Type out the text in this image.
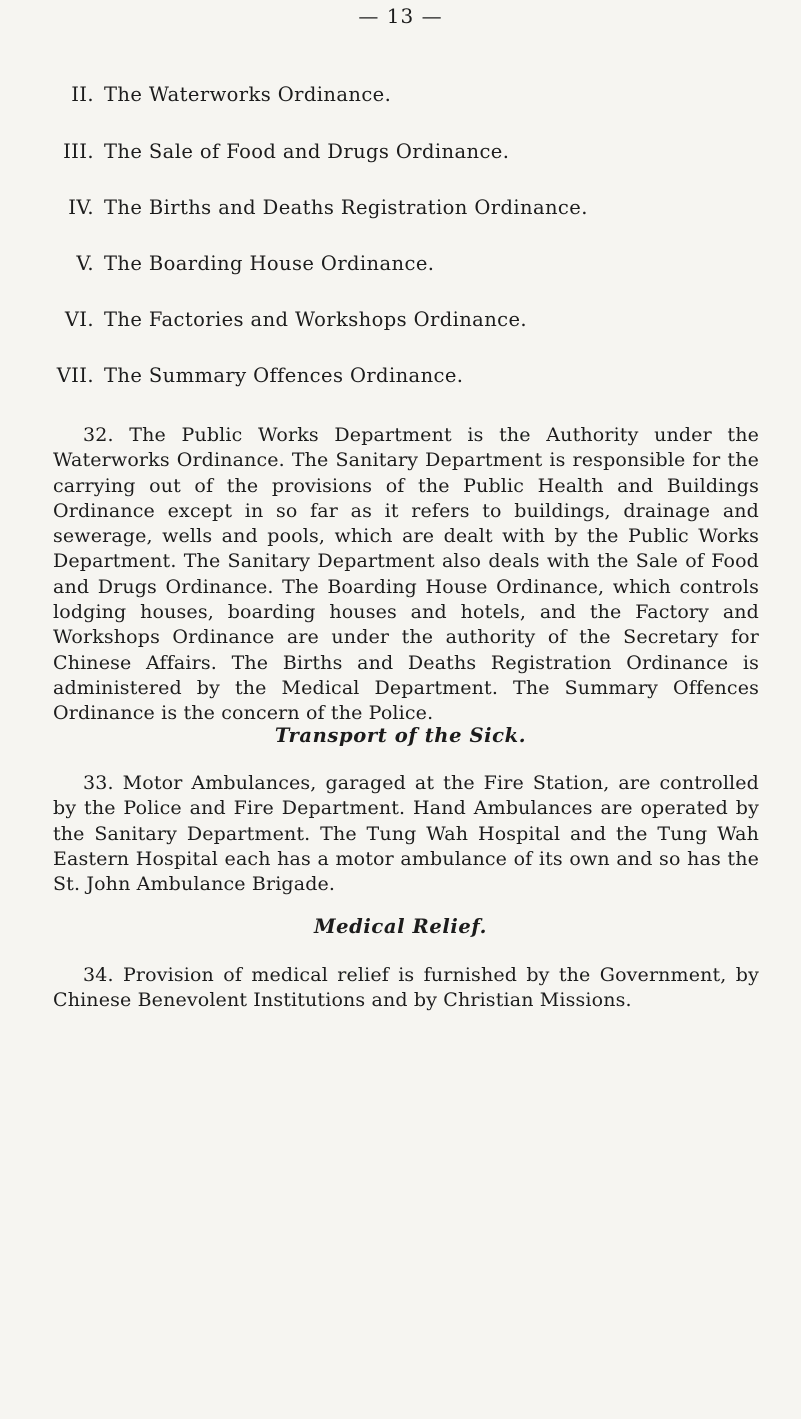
— 13 —
II. The Waterworks Ordinance.
III. The Sale of Food and Drugs Ordinance.
IV. The Births and Deaths Registration Ordinance.
V. The Boarding House Ordinance.
VI. The Factories and Workshops Ordinance.
VII. The Summary Offences Ordinance.

32. The Public Works Department is the Authority under the Waterworks Ordinance. The Sanitary Department is responsible for the carrying out of the provisions of the Public Health and Buildings Ordinance except in so far as it refers to buildings, drainage and sewerage, wells and pools, which are dealt with by the Public Works Department. The Sanitary Department also deals with the Sale of Food and Drugs Ordinance. The Boarding House Ordinance, which controls lodging houses, boarding houses and hotels, and the Factory and Workshops Ordinance are under the authority of the Secretary for Chinese Affairs. The Births and Deaths Registration Ordinance is administered by the Medical Department. The Summary Offences Ordinance is the concern of the Police.

Transport of the Sick.

33. Motor Ambulances, garaged at the Fire Station, are controlled by the Police and Fire Department. Hand Ambulances are operated by the Sanitary Department. The Tung Wah Hospital and the Tung Wah Eastern Hospital each has a motor ambulance of its own and so has the St. John Ambulance Brigade.

Medical Relief.

34. Provision of medical relief is furnished by the Government, by Chinese Benevolent Institutions and by Christian Missions.
